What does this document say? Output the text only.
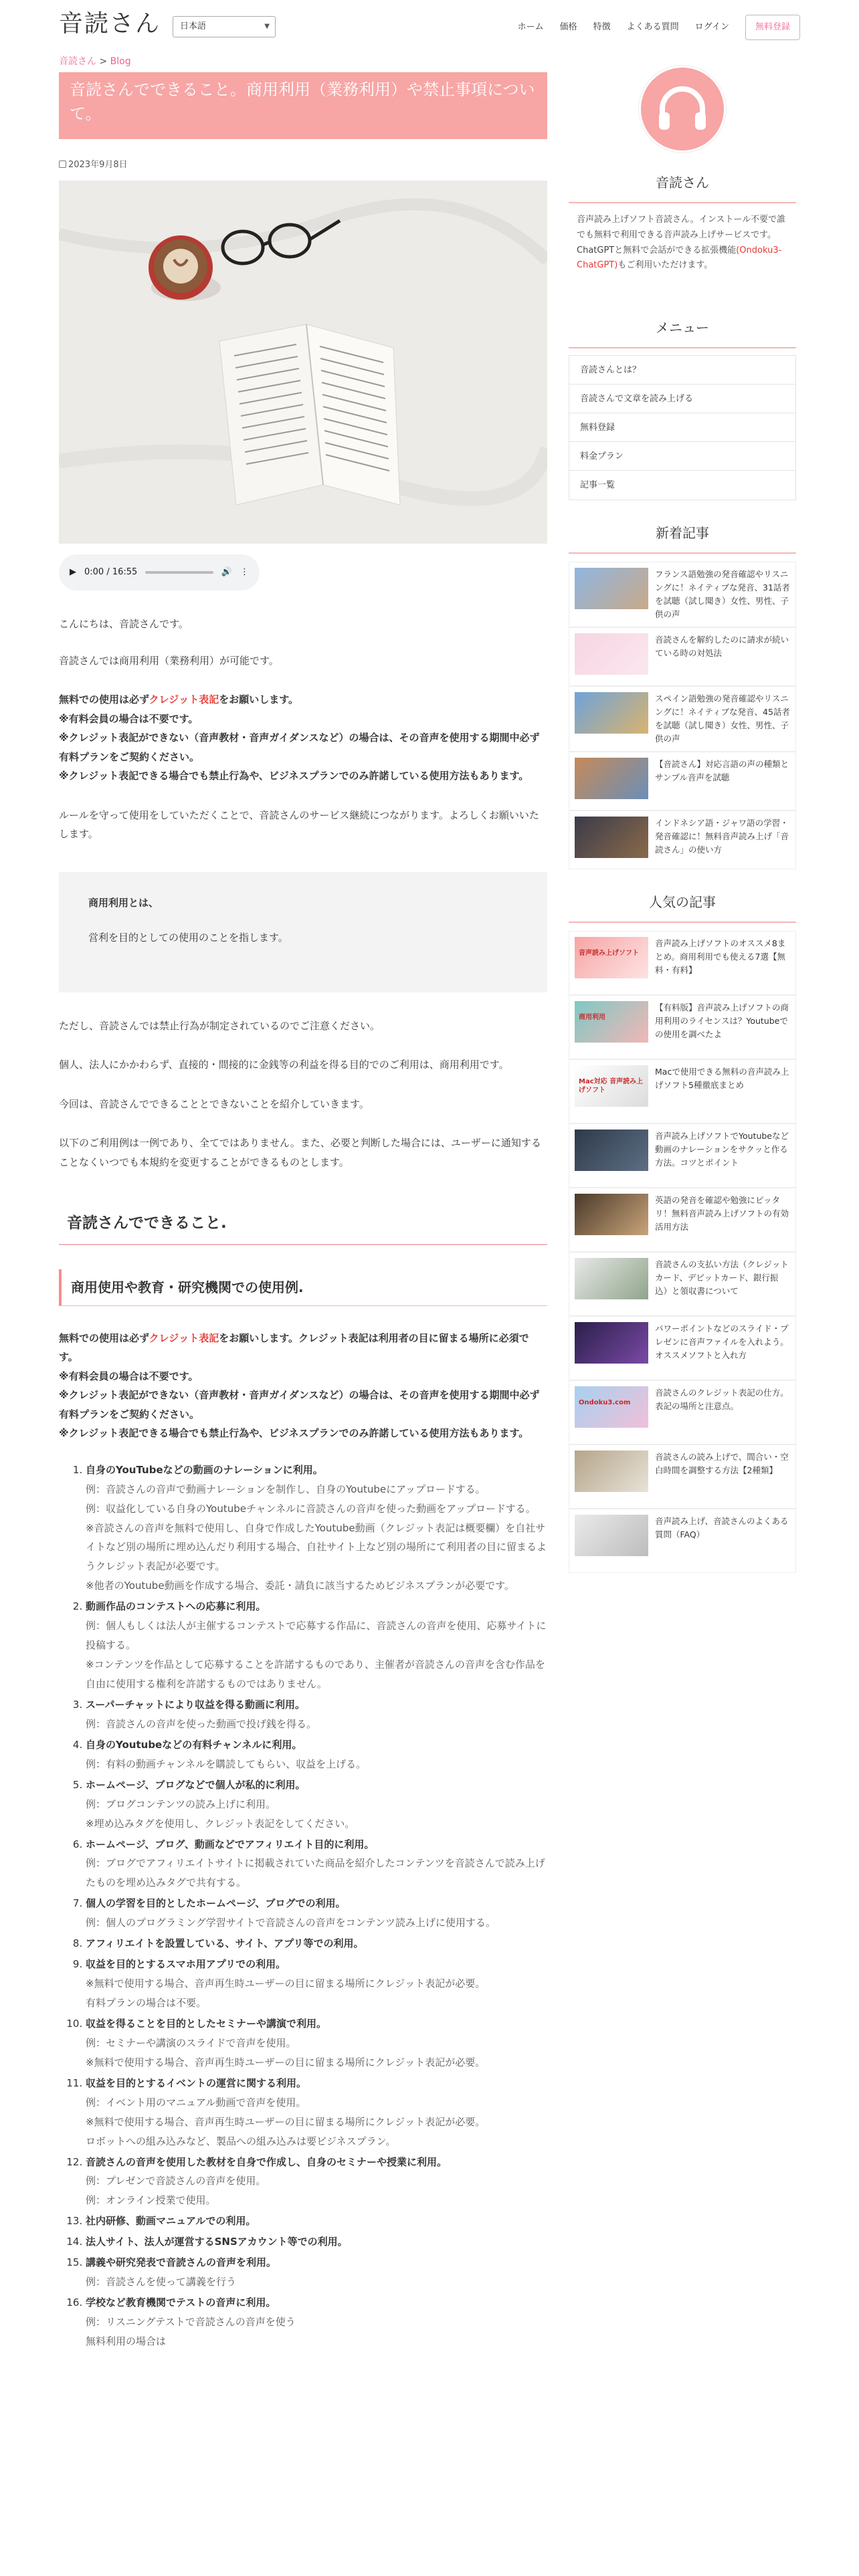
音読さん	日本語	▼	ホーム 価格 特徴 よくある質問 ログイン	無料登録
音読さん > Blog
音読さんでできること。商用利用（業務利用）や禁止事項について。
2023年9月8日
▶ 0:00 / 16:55	🔊 ⋮
こんにちは、音読さんです。
音読さんでは商用利用（業務利用）が可能です。
無料での使用は必ずクレジット表記をお願いします。
※有料会員の場合は不要です。
※クレジット表記ができない（音声教材・音声ガイダンスなど）の場合は、その音声を使用する期間中必ず有料プランをご契約ください。
※クレジット表記できる場合でも禁止行為や、ビジネスプランでのみ許諾している使用方法もあります。
ルールを守って使用をしていただくことで、音読さんのサービス継続につながります。よろしくお願いいたします。
商用利用とは、
営利を目的としての使用のことを指します。
ただし、音読さんでは禁止行為が制定されているのでご注意ください。
個人、法人にかかわらず、直接的・間接的に金銭等の利益を得る目的でのご利用は、商用利用です。
今回は、音読さんでできることとできないことを紹介していきます。
以下のご利用例は一例であり、全てではありません。また、必要と判断した場合には、ユーザーに通知することなくいつでも本規約を変更することができるものとします。
音読さんでできること.
商用使用や教育・研究機関での使用例.
無料での使用は必ずクレジット表記をお願いします。クレジット表記は利用者の目に留まる場所に必須です。
※有料会員の場合は不要です。
※クレジット表記ができない（音声教材・音声ガイダンスなど）の場合は、その音声を使用する期間中必ず有料プランをご契約ください。
※クレジット表記できる場合でも禁止行為や、ビジネスプランでのみ許諾している使用方法もあります。
1. 自身のYouTubeなどの動画のナレーションに利用。
例：音読さんの音声で動画ナレーションを制作し、自身のYoutubeにアップロードする。
例：収益化している自身のYoutubeチャンネルに音読さんの音声を使った動画をアップロードする。
※音読さんの音声を無料で使用し、自身で作成したYoutube動画（クレジット表記は概要欄）を自社サイトなど別の場所に埋め込んだり利用する場合、自社サイト上など別の場所にて利用者の目に留まるようクレジット表記が必要です。
※他者のYoutube動画を作成する場合、委託・請負に該当するためビジネスプランが必要です。
2. 動画作品のコンテストへの応募に利用。
例：個人もしくは法人が主催するコンテストで応募する作品に、音読さんの音声を使用、応募サイトに投稿する。
※コンテンツを作品として応募することを許諾するものであり、主催者が音読さんの音声を含む作品を自由に使用する権利を許諾するものではありません。
3. スーパーチャットにより収益を得る動画に利用。
例：音読さんの音声を使った動画で投げ銭を得る。
4. 自身のYoutubeなどの有料チャンネルに利用。
例：有料の動画チャンネルを購読してもらい、収益を上げる。
5. ホームページ、ブログなどで個人が私的に利用。
例：ブログコンテンツの読み上げに利用。
※埋め込みタグを使用し、クレジット表記をしてください。
6. ホームページ、ブログ、動画などでアフィリエイト目的に利用。
例：ブログでアフィリエイトサイトに掲載されていた商品を紹介したコンテンツを音読さんで読み上げたものを埋め込みタグで共有する。
7. 個人の学習を目的としたホームページ、ブログでの利用。
例：個人のプログラミング学習サイトで音読さんの音声をコンテンツ読み上げに使用する。
8. アフィリエイトを設置している、サイト、アプリ等での利用。
9. 収益を目的とするスマホ用アプリでの利用。
※無料で使用する場合、音声再生時ユーザーの目に留まる場所にクレジット表記が必要。
有料プランの場合は不要。
10. 収益を得ることを目的としたセミナーや講演で利用。
例：セミナーや講演のスライドで音声を使用。
※無料で使用する場合、音声再生時ユーザーの目に留まる場所にクレジット表記が必要。
11. 収益を目的とするイベントの運営に関する利用。
例：イベント用のマニュアル動画で音声を使用。
※無料で使用する場合、音声再生時ユーザーの目に留まる場所にクレジット表記が必要。
ロボットへの組み込みなど、製品への組み込みは要ビジネスプラン。
12. 音読さんの音声を使用した教材を自身で作成し、自身のセミナーや授業に利用。
例：プレゼンで音読さんの音声を使用。
例：オンライン授業で使用。
13. 社内研修、動画マニュアルでの利用。
14. 法人サイト、法人が運営するSNSアカウント等での利用。
15. 講義や研究発表で音読さんの音声を利用。
例：音読さんを使って講義を行う
16. 学校など教育機関でテストの音声に利用。
例：リスニングテストで音読さんの音声を使う
無料利用の場合は
音読さん
音声読み上げソフト音読さん。インストール不要で誰でも無料で利用できる音声読み上げサービスです。ChatGPTと無料で会話ができる拡張機能(Ondoku3-ChatGPT)もご利用いただけます。
メニュー
音読さんとは？
音読さんで文章を読み上げる
無料登録
料金プラン
記事一覧
新着記事
フランス語勉強の発音確認やリスニングに！ネイティブな発音、31話者を試聴（試し聞き）女性、男性、子供の声
音読さんを解約したのに請求が続いている時の対処法
スペイン語勉強の発音確認やリスニングに！ネイティブな発音、45話者を試聴（試し聞き）女性、男性、子供の声
【音読さん】対応言語の声の種類とサンプル音声を試聴
インドネシア語・ジャワ語の学習・発音確認に！無料音声読み上げ「音読さん」の使い方
人気の記事
音声読み上げソフト
音声読み上げソフトのオススメ8まとめ。商用利用でも使える7選【無料・有料】
商用利用
【有料版】音声読み上げソフトの商用利用のライセンスは？Youtubeでの使用を調べたよ
Mac対応 音声読み上げソフト
Macで使用できる無料の音声読み上げソフト5種徹底まとめ
音声読み上げソフトでYoutubeなど動画のナレーションをサクッと作る方法。コツとポイント
英語の発音を確認や勉強にピッタリ！無料音声読み上げソフトの有効活用方法
音読さんの支払い方法（クレジットカード、デビットカード、銀行振込）と領収書について
パワーポイントなどのスライド・プレゼンに音声ファイルを入れよう。オススメソフトと入れ方
Ondoku3.com
音読さんのクレジット表記の仕方。表記の場所と注意点。
音読さんの読み上げで、間合い・空白時間を調整する方法【2種類】
音声読み上げ、音読さんのよくある質問（FAQ）
